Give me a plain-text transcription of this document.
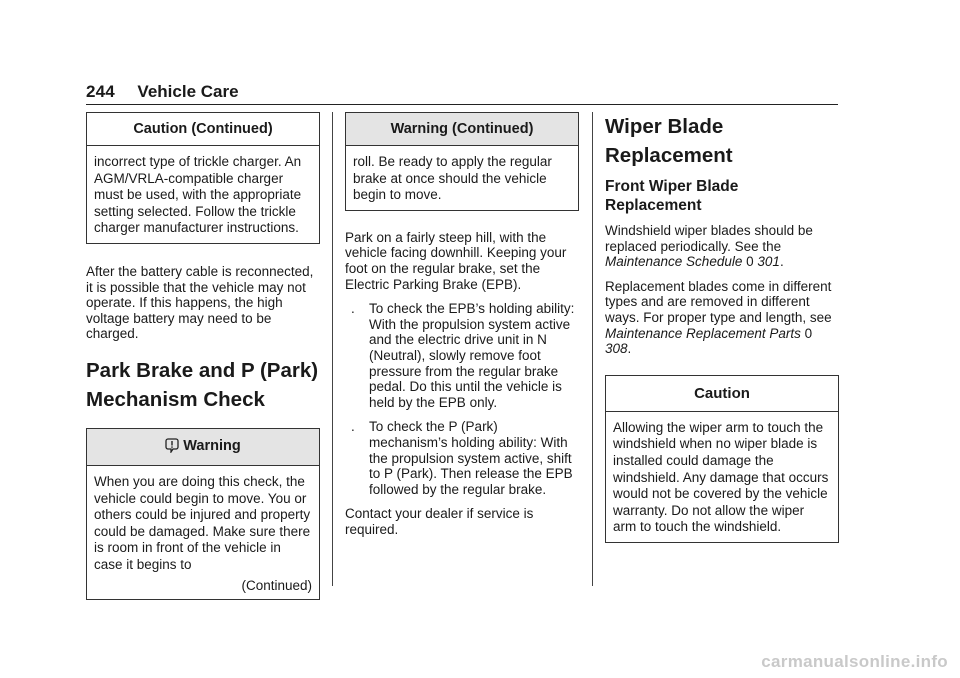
244 Vehicle Care
Caution (Continued)
incorrect type of trickle charger. An AGM/VRLA-compatible charger must be used, with the appropriate setting selected. Follow the trickle charger manufacturer instructions.

After the battery cable is reconnected, it is possible that the vehicle may not operate. If this happens, the high voltage battery may need to be charged.

Park Brake and P (Park) Mechanism Check
Warning
When you are doing this check, the vehicle could begin to move. You or others could be injured and property could be damaged. Make sure there is room in front of the vehicle in case it begins to
(Continued)
Warning (Continued)
roll. Be ready to apply the regular brake at once should the vehicle begin to move.

Park on a fairly steep hill, with the vehicle facing downhill. Keeping your foot on the regular brake, set the Electric Parking Brake (EPB).

.	To check the EPB’s holding ability: With the propulsion system active and the electric drive unit in N (Neutral), slowly remove foot pressure from the regular brake pedal. Do this until the vehicle is held by the EPB only.

.	To check the P (Park) mechanism’s holding ability: With the propulsion system active, shift to P (Park). Then release the EPB followed by the regular brake.

Contact your dealer if service is required.

Wiper Blade Replacement
Front Wiper Blade Replacement

Windshield wiper blades should be replaced periodically. See the Maintenance Schedule 0 301.

Replacement blades come in different types and are removed in different ways. For proper type and length, see Maintenance Replacement Parts 0 308.

Caution
Allowing the wiper arm to touch the windshield when no wiper blade is installed could damage the windshield. Any damage that occurs would not be covered by the vehicle warranty. Do not allow the wiper arm to touch the windshield.
carmanualsonline.info
